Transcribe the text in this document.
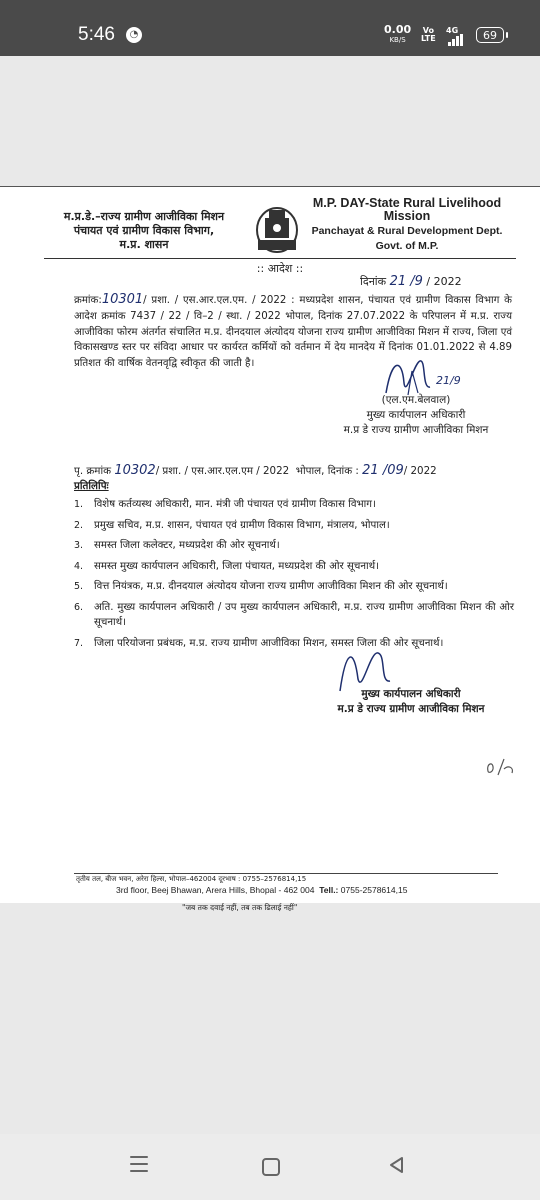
5:46	◔	0.00
KB/S
Vo
LTE
4G	69
म.प्र.डे.–राज्य ग्रामीण आजीविका मिशन
पंचायत एवं ग्रामीण विकास विभाग,
म.प्र. शासन
M.P. DAY-State Rural Livelihood Mission
Panchayat & Rural Development Dept.
Govt. of M.P.
:: आदेश ::
दिनांक 21 /9 / 2022
क्रमांक:10301/ प्रशा. / एस.आर.एल.एम. / 2022 : मध्यप्रदेश शासन, पंचायत एवं ग्रामीण विकास विभाग के आदेश क्रमांक 7437 / 22 / वि–2 / स्था. / 2022 भोपाल, दिनांक 27.07.2022 के परिपालन में म.प्र. राज्य आजीविका फोरम अंतर्गत संचालित म.प्र. दीनदयाल अंत्योदय योजना राज्य ग्रामीण आजीविका मिशन में राज्य, जिला एवं विकासखण्ड स्तर पर संविदा आधार पर कार्यरत कर्मियों को वर्तमान में देय मानदेय में दिनांक 01.01.2022 से 4.89 प्रतिशत की वार्षिक वेतनवृद्वि स्वीकृत की जाती है।
(एल.एम.बेलवाल)
21/9
मुख्य कार्यपालन अधिकारी
म.प्र डे राज्य ग्रामीण आजीविका मिशन
पृ. क्रमांक 10302/ प्रशा. / एस.आर.एल.एम / 2022 भोपाल, दिनांक : 21 /09/ 2022
प्रतिलिपिः
1. विशेष कर्तव्यस्थ अधिकारी, मान. मंत्री जी पंचायत एवं ग्रामीण विकास विभाग।
2. प्रमुख सचिव, म.प्र. शासन, पंचायत एवं ग्रामीण विकास विभाग, मंत्रालय, भोपाल।
3. समस्त जिला कलेक्टर, मध्यप्रदेश की ओर सूचनार्थ।
4. समस्त मुख्य कार्यपालन अधिकारी, जिला पंचायत, मध्यप्रदेश की ओर सूचनार्थ।
5. वित्त नियंत्रक, म.प्र. दीनदयाल अंत्योदय योजना राज्य ग्रामीण आजीविका मिशन की ओर सूचनार्थ।
6. अति. मुख्य कार्यपालन अधिकारी / उप मुख्य कार्यपालन अधिकारी, म.प्र. राज्य ग्रामीण आजीविका मिशन की ओर सूचनार्थ।
7. जिला परियोजना प्रबंधक, म.प्र. राज्य ग्रामीण आजीविका मिशन, समस्त जिला की ओर सूचनार्थ।
मुख्य कार्यपालन अधिकारी
म.प्र डे राज्य ग्रामीण आजीविका मिशन
तृतीय तल, बीज भवन, अरेरा हिल्स, भोपाल–462004 दूरभाष : 0755–2576814,15
3rd floor, Beej Bhawan, Arera Hills, Bhopal - 462 004 Tell.: 0755-2578614,15
"जब तक दवाई नहीं, तब तक ढिलाई नहीं"
